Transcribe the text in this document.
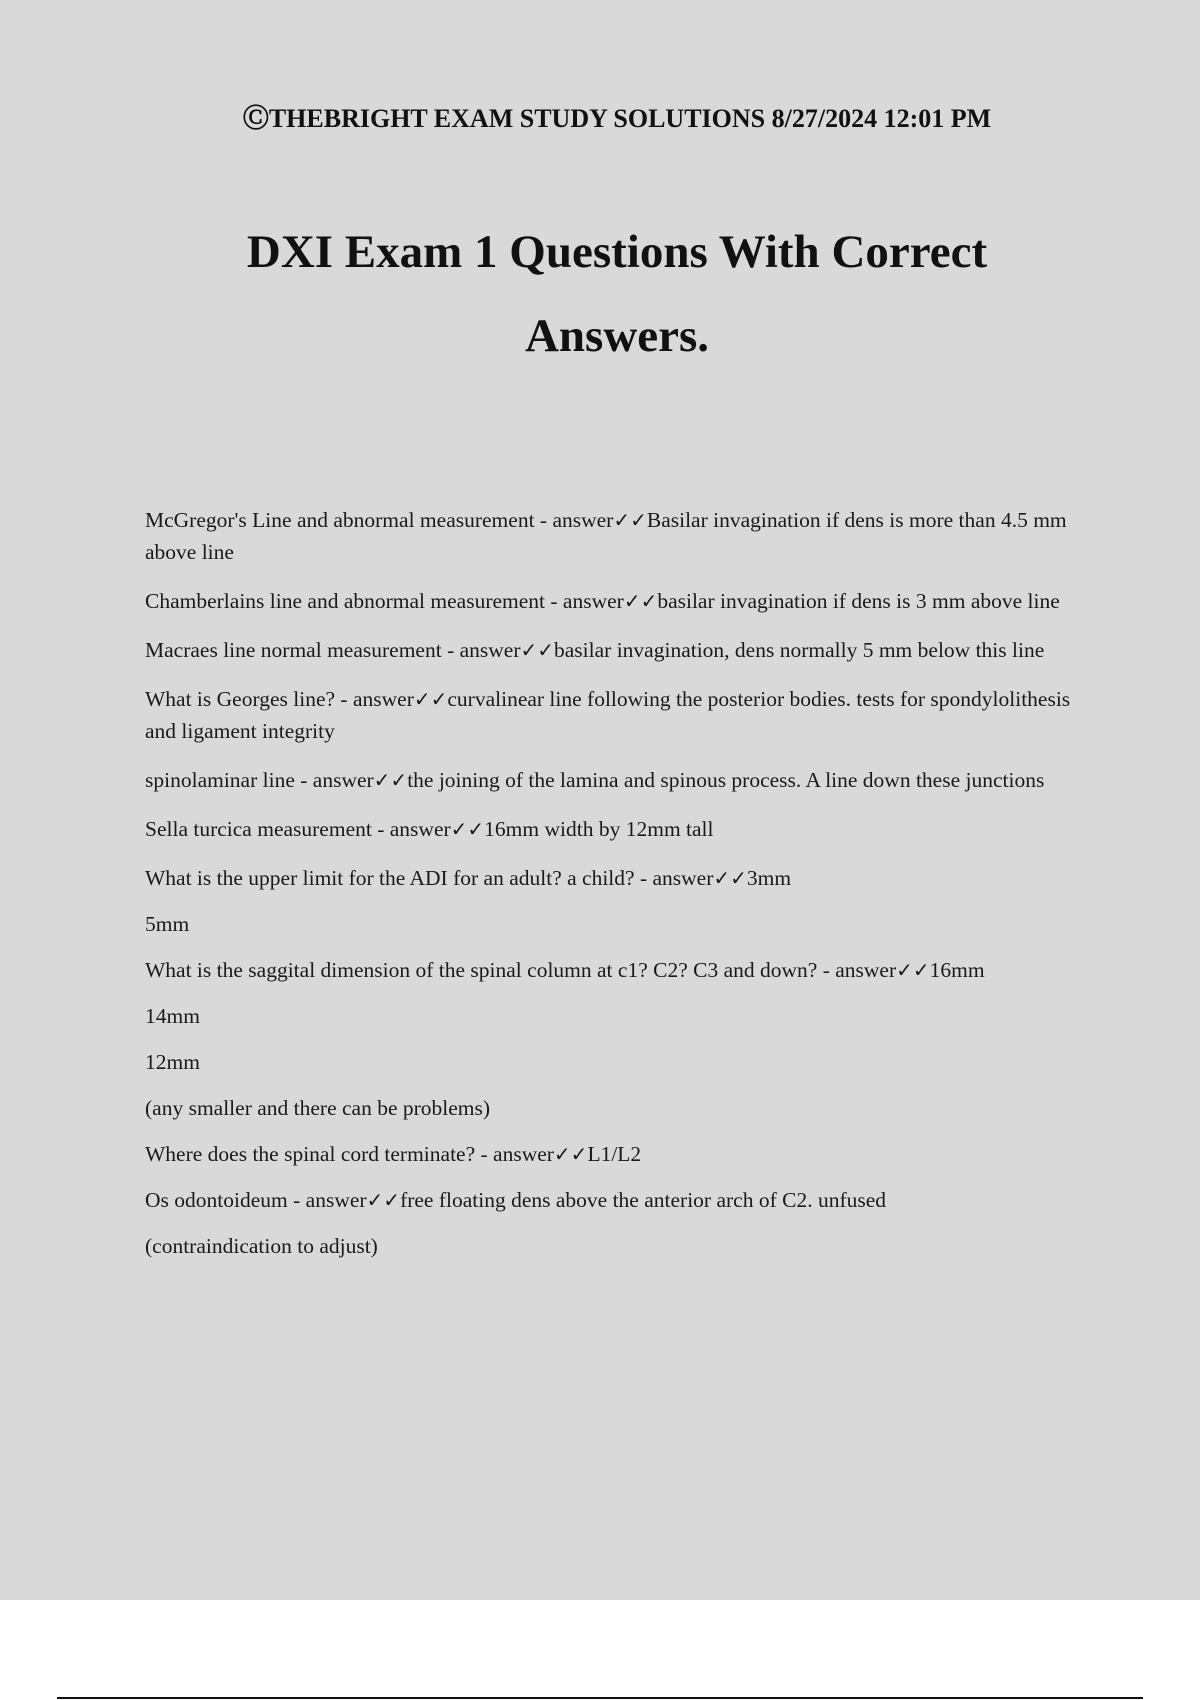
ⒸTHEBRIGHT EXAM STUDY SOLUTIONS 8/27/2024 12:01 PM
DXI Exam 1 Questions With Correct
Answers.

McGregor's Line and abnormal measurement - answer✓✓Basilar invagination if dens is more than 4.5 mm above line

Chamberlains line and abnormal measurement - answer✓✓basilar invagination if dens is 3 mm above line

Macraes line normal measurement - answer✓✓basilar invagination, dens normally 5 mm below this line

What is Georges line? - answer✓✓curvalinear line following the posterior bodies. tests for spondylolithesis and ligament integrity

spinolaminar line - answer✓✓the joining of the lamina and spinous process. A line down these junctions

Sella turcica measurement - answer✓✓16mm width by 12mm tall

What is the upper limit for the ADI for an adult? a child? - answer✓✓3mm

5mm

What is the saggital dimension of the spinal column at c1? C2? C3 and down? - answer✓✓16mm

14mm

12mm

(any smaller and there can be problems)

Where does the spinal cord terminate? - answer✓✓L1/L2

Os odontoideum - answer✓✓free floating dens above the anterior arch of C2. unfused

(contraindication to adjust)
